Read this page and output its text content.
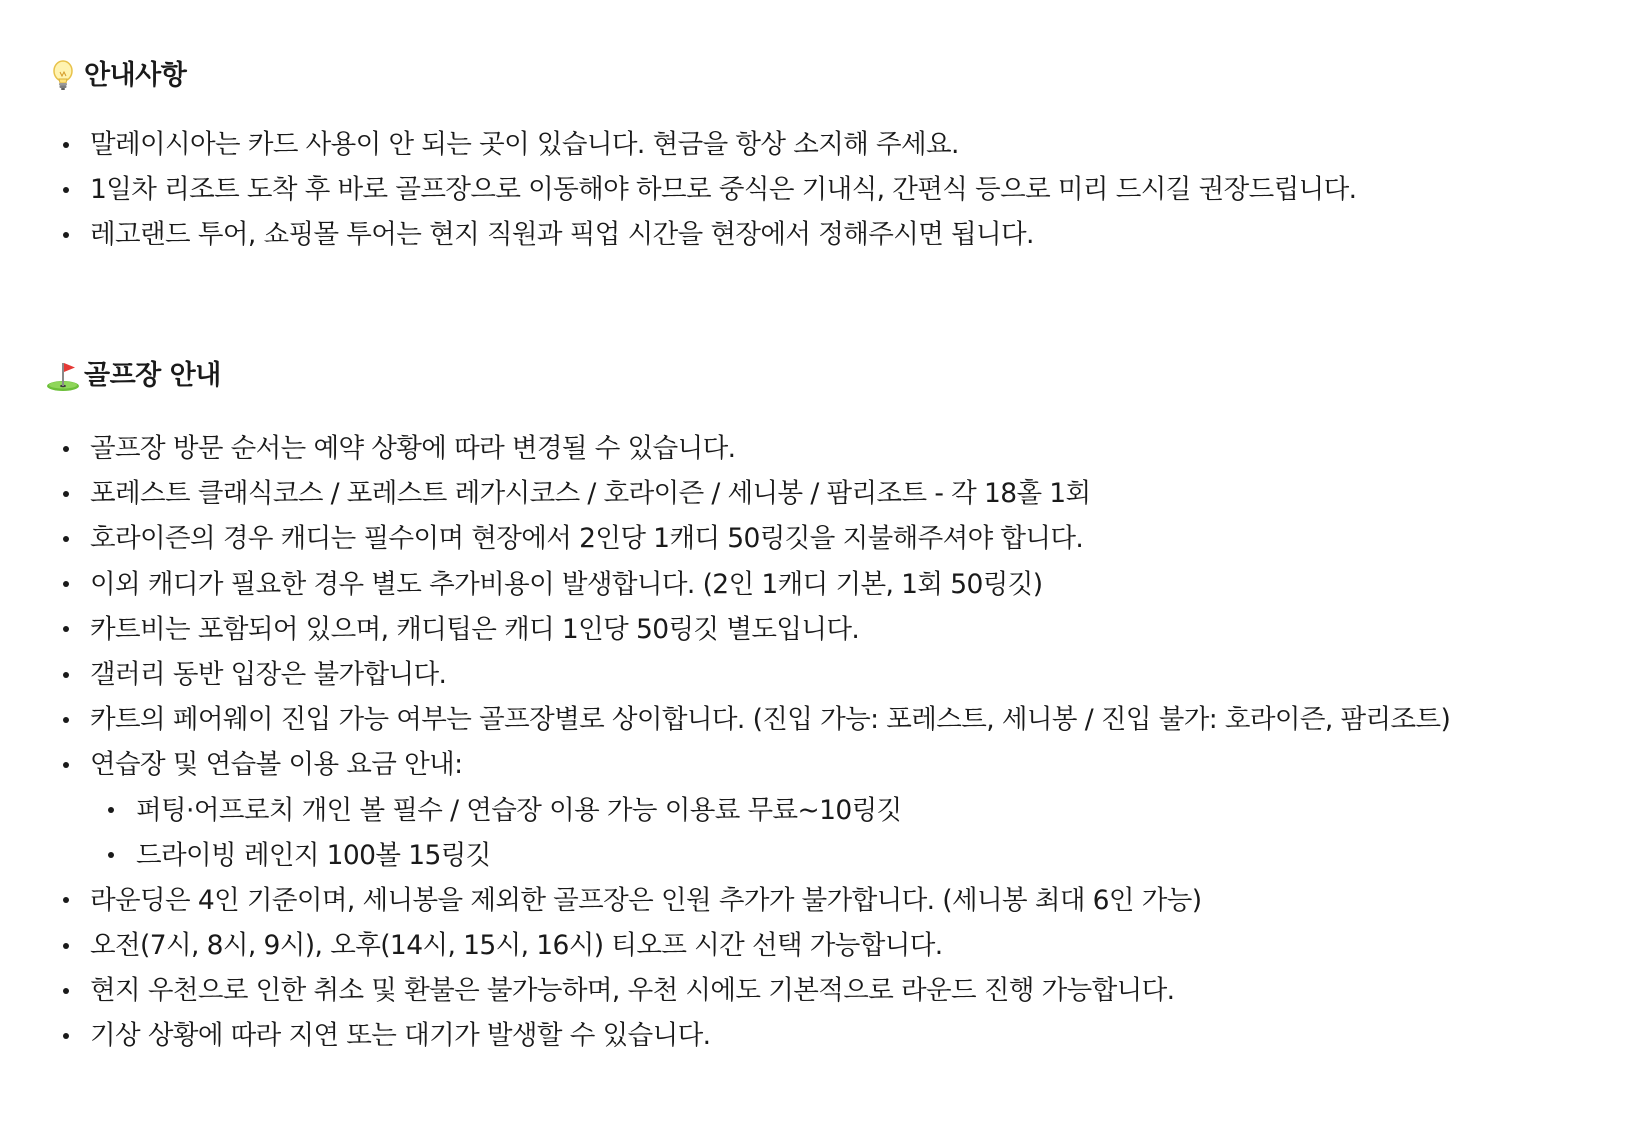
안내사항
말레이시아는 카드 사용이 안 되는 곳이 있습니다. 현금을 항상 소지해 주세요.
1일차 리조트 도착 후 바로 골프장으로 이동해야 하므로 중식은 기내식, 간편식 등으로 미리 드시길 권장드립니다.
레고랜드 투어, 쇼핑몰 투어는 현지 직원과 픽업 시간을 현장에서 정해주시면 됩니다.
골프장 안내
골프장 방문 순서는 예약 상황에 따라 변경될 수 있습니다.
포레스트 클래식코스 / 포레스트 레가시코스 / 호라이즌 / 세니봉 / 팜리조트 - 각 18홀 1회
호라이즌의 경우 캐디는 필수이며 현장에서 2인당 1캐디 50링깃을 지불해주셔야 합니다.
이외 캐디가 필요한 경우 별도 추가비용이 발생합니다. (2인 1캐디 기본, 1회 50링깃)
카트비는 포함되어 있으며, 캐디팁은 캐디 1인당 50링깃 별도입니다.
갤러리 동반 입장은 불가합니다.
카트의 페어웨이 진입 가능 여부는 골프장별로 상이합니다. (진입 가능: 포레스트, 세니봉 / 진입 불가: 호라이즌, 팜리조트)
연습장 및 연습볼 이용 요금 안내:
퍼팅·어프로치 개인 볼 필수 / 연습장 이용 가능 이용료 무료~10링깃
드라이빙 레인지 100볼 15링깃
라운딩은 4인 기준이며, 세니봉을 제외한 골프장은 인원 추가가 불가합니다. (세니봉 최대 6인 가능)
오전(7시, 8시, 9시), 오후(14시, 15시, 16시) 티오프 시간 선택 가능합니다.
현지 우천으로 인한 취소 및 환불은 불가능하며, 우천 시에도 기본적으로 라운드 진행 가능합니다.
기상 상황에 따라 지연 또는 대기가 발생할 수 있습니다.
